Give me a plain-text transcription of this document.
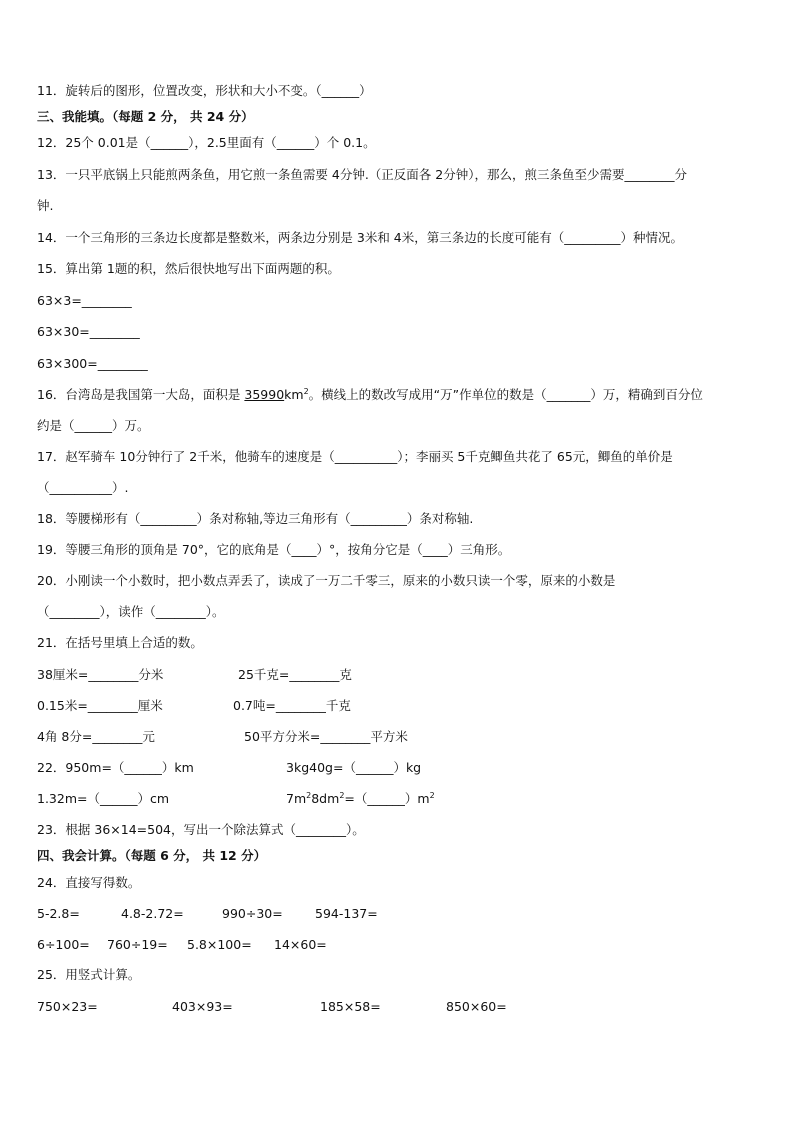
11．旋转后的图形，位置改变，形状和大小不变。（______）
三、我能填。（每题 2 分， 共 24 分）
12．25个 0.01是（______），2.5里面有（______）个 0.1。
13．一只平底锅上只能煎两条鱼，用它煎一条鱼需要 4分钟.（正反面各 2分钟），那么，煎三条鱼至少需要________分
钟.
14．一个三角形的三条边长度都是整数米，两条边分别是 3米和 4米，第三条边的长度可能有（_________）种情况。
15．算出第 1题的积，然后很快地写出下面两题的积。
63×3=________
63×30=________
63×300=________
16．台湾岛是我国第一大岛，面积是 $35990km^2$。横线上的数改写成用“万”作单位的数是（_______）万，精确到百分位
约是（______）万。
17．赵军骑车 10分钟行了 2千米，他骑车的速度是（__________）；李丽买 5千克鲫鱼共花了 65元，鲫鱼的单价是
（__________）.
18．等腰梯形有（_________）条对称轴,等边三角形有（_________）条对称轴.
19．等腰三角形的顶角是 70°，它的底角是（____）°，按角分它是（____）三角形。
20．小刚读一个小数时，把小数点弄丢了，读成了一万二千零三，原来的小数只读一个零，原来的小数是
（________），读作（________）。
21．在括号里填上合适的数。
38厘米=________分米	25千克=________克
0.15米=________厘米	0.7吨=________千克
4角 8分=________元	50平方分米=________平方米
22．950m=（______）km	3kg40g=（______）kg
1.32m=（______）cm	$7m^28dm^2=(\_\_\_\_\_\_)m^2$
23．根据 36×14=504，写出一个除法算式（________）。
四、我会计算。（每题 6 分， 共 12 分）
24．直接写得数。
5-2.8=	4.8-2.72=	990÷30=	594-137=
6÷100= 760÷19= 5.8×100= 14×60=
25．用竖式计算。
750×23=	403×93=	185×58=	850×60=
